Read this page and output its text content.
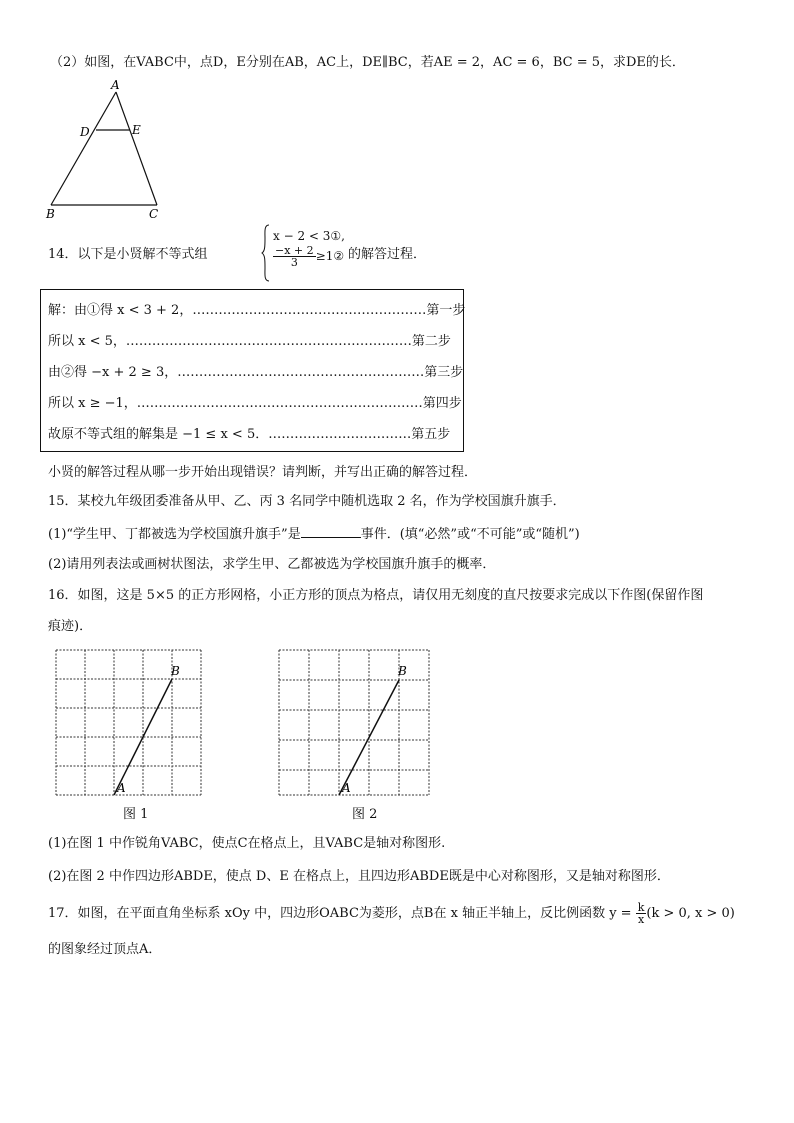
（2）如图，在VABC中，点D，E分别在AB，AC上，DE∥BC，若AE = 2，AC = 6，BC = 5，求DE的长．
A
D	E
B	C
14．以下是小贤解不等式组
x − 2 < 3①,
$\frac{-x + 2}{3}$ ≥1② 的解答过程．
解：由①得 x < 3 + 2，………………………………………………第一步
所以 x < 5，…………………………………………………………第二步
由②得 −x + 2 ≥ 3，…………………………………………………第三步
所以 x ≥ −1，…………………………………………………………第四步
故原不等式组的解集是 −1 ≤ x < 5．……………………………第五步
小贤的解答过程从哪一步开始出现错误？请判断，并写出正确的解答过程．
15．某校九年级团委准备从甲、乙、丙 3 名同学中随机选取 2 名，作为学校国旗升旗手．
(1)“学生甲、丁都被选为学校国旗升旗手”是	事件．(填“必然”或“不可能”或“随机”)
(2)请用列表法或画树状图法，求学生甲、乙都被选为学校国旗升旗手的概率．
16．如图，这是 5×5 的正方形网格，小正方形的顶点为格点，请仅用无刻度的直尺按要求完成以下作图(保留作图
痕迹)．
A
B
图 1
A
B
图 2
(1)在图 1 中作锐角VABC，使点C在格点上，且VABC是轴对称图形.
(2)在图 2 中作四边形ABDE，使点 D、E 在格点上，且四边形ABDE既是中心对称图形，又是轴对称图形．
17．如图，在平面直角坐标系 xOy 中，四边形OABC为菱形，点B在 x 轴正半轴上，反比例函数 $y = \frac{k}{x} (k > 0$, x > 0)
的图象经过顶点A．
